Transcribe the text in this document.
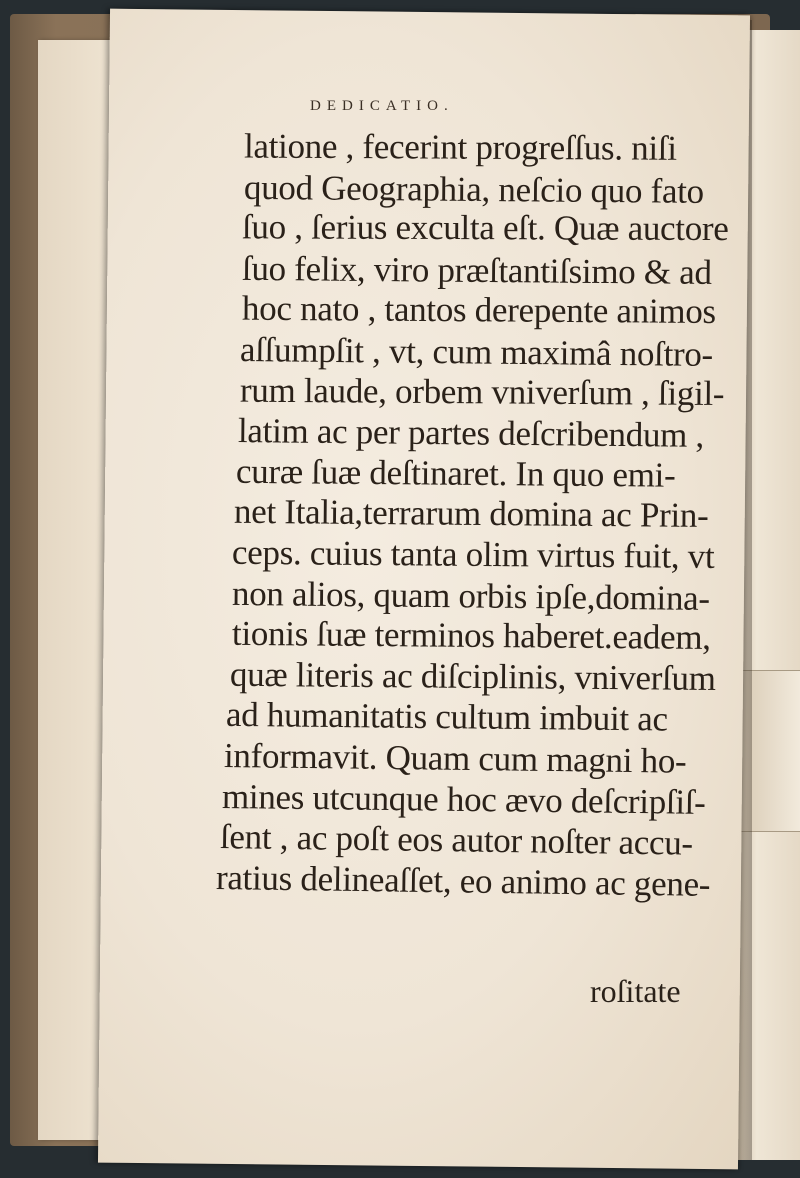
DEDICATIO.
latione , fecerint progreſſus. niſi
quod Geographia, neſcio quo fato
ſuo , ſerius exculta eſt. Quæ auctore
ſuo felix, viro præſtantiſsimo & ad
hoc nato , tantos derepente animos
aſſumpſit , vt, cum maximâ noſtro-
rum laude, orbem vniverſum , ſigil-
latim ac per partes deſcribendum ,
curæ ſuæ deſtinaret. In quo emi-
net Italia,terrarum domina ac Prin-
ceps. cuius tanta olim virtus fuit, vt
non alios, quam orbis ipſe,domina-
tionis ſuæ terminos haberet.eadem,
quæ literis ac diſciplinis, vniverſum
ad humanitatis cultum imbuit ac
informavit. Quam cum magni ho-
mines utcunque hoc ævo deſcripſiſ-
ſent , ac poſt eos autor noſter accu-
ratius delineaſſet, eo animo ac gene-
roſitate
